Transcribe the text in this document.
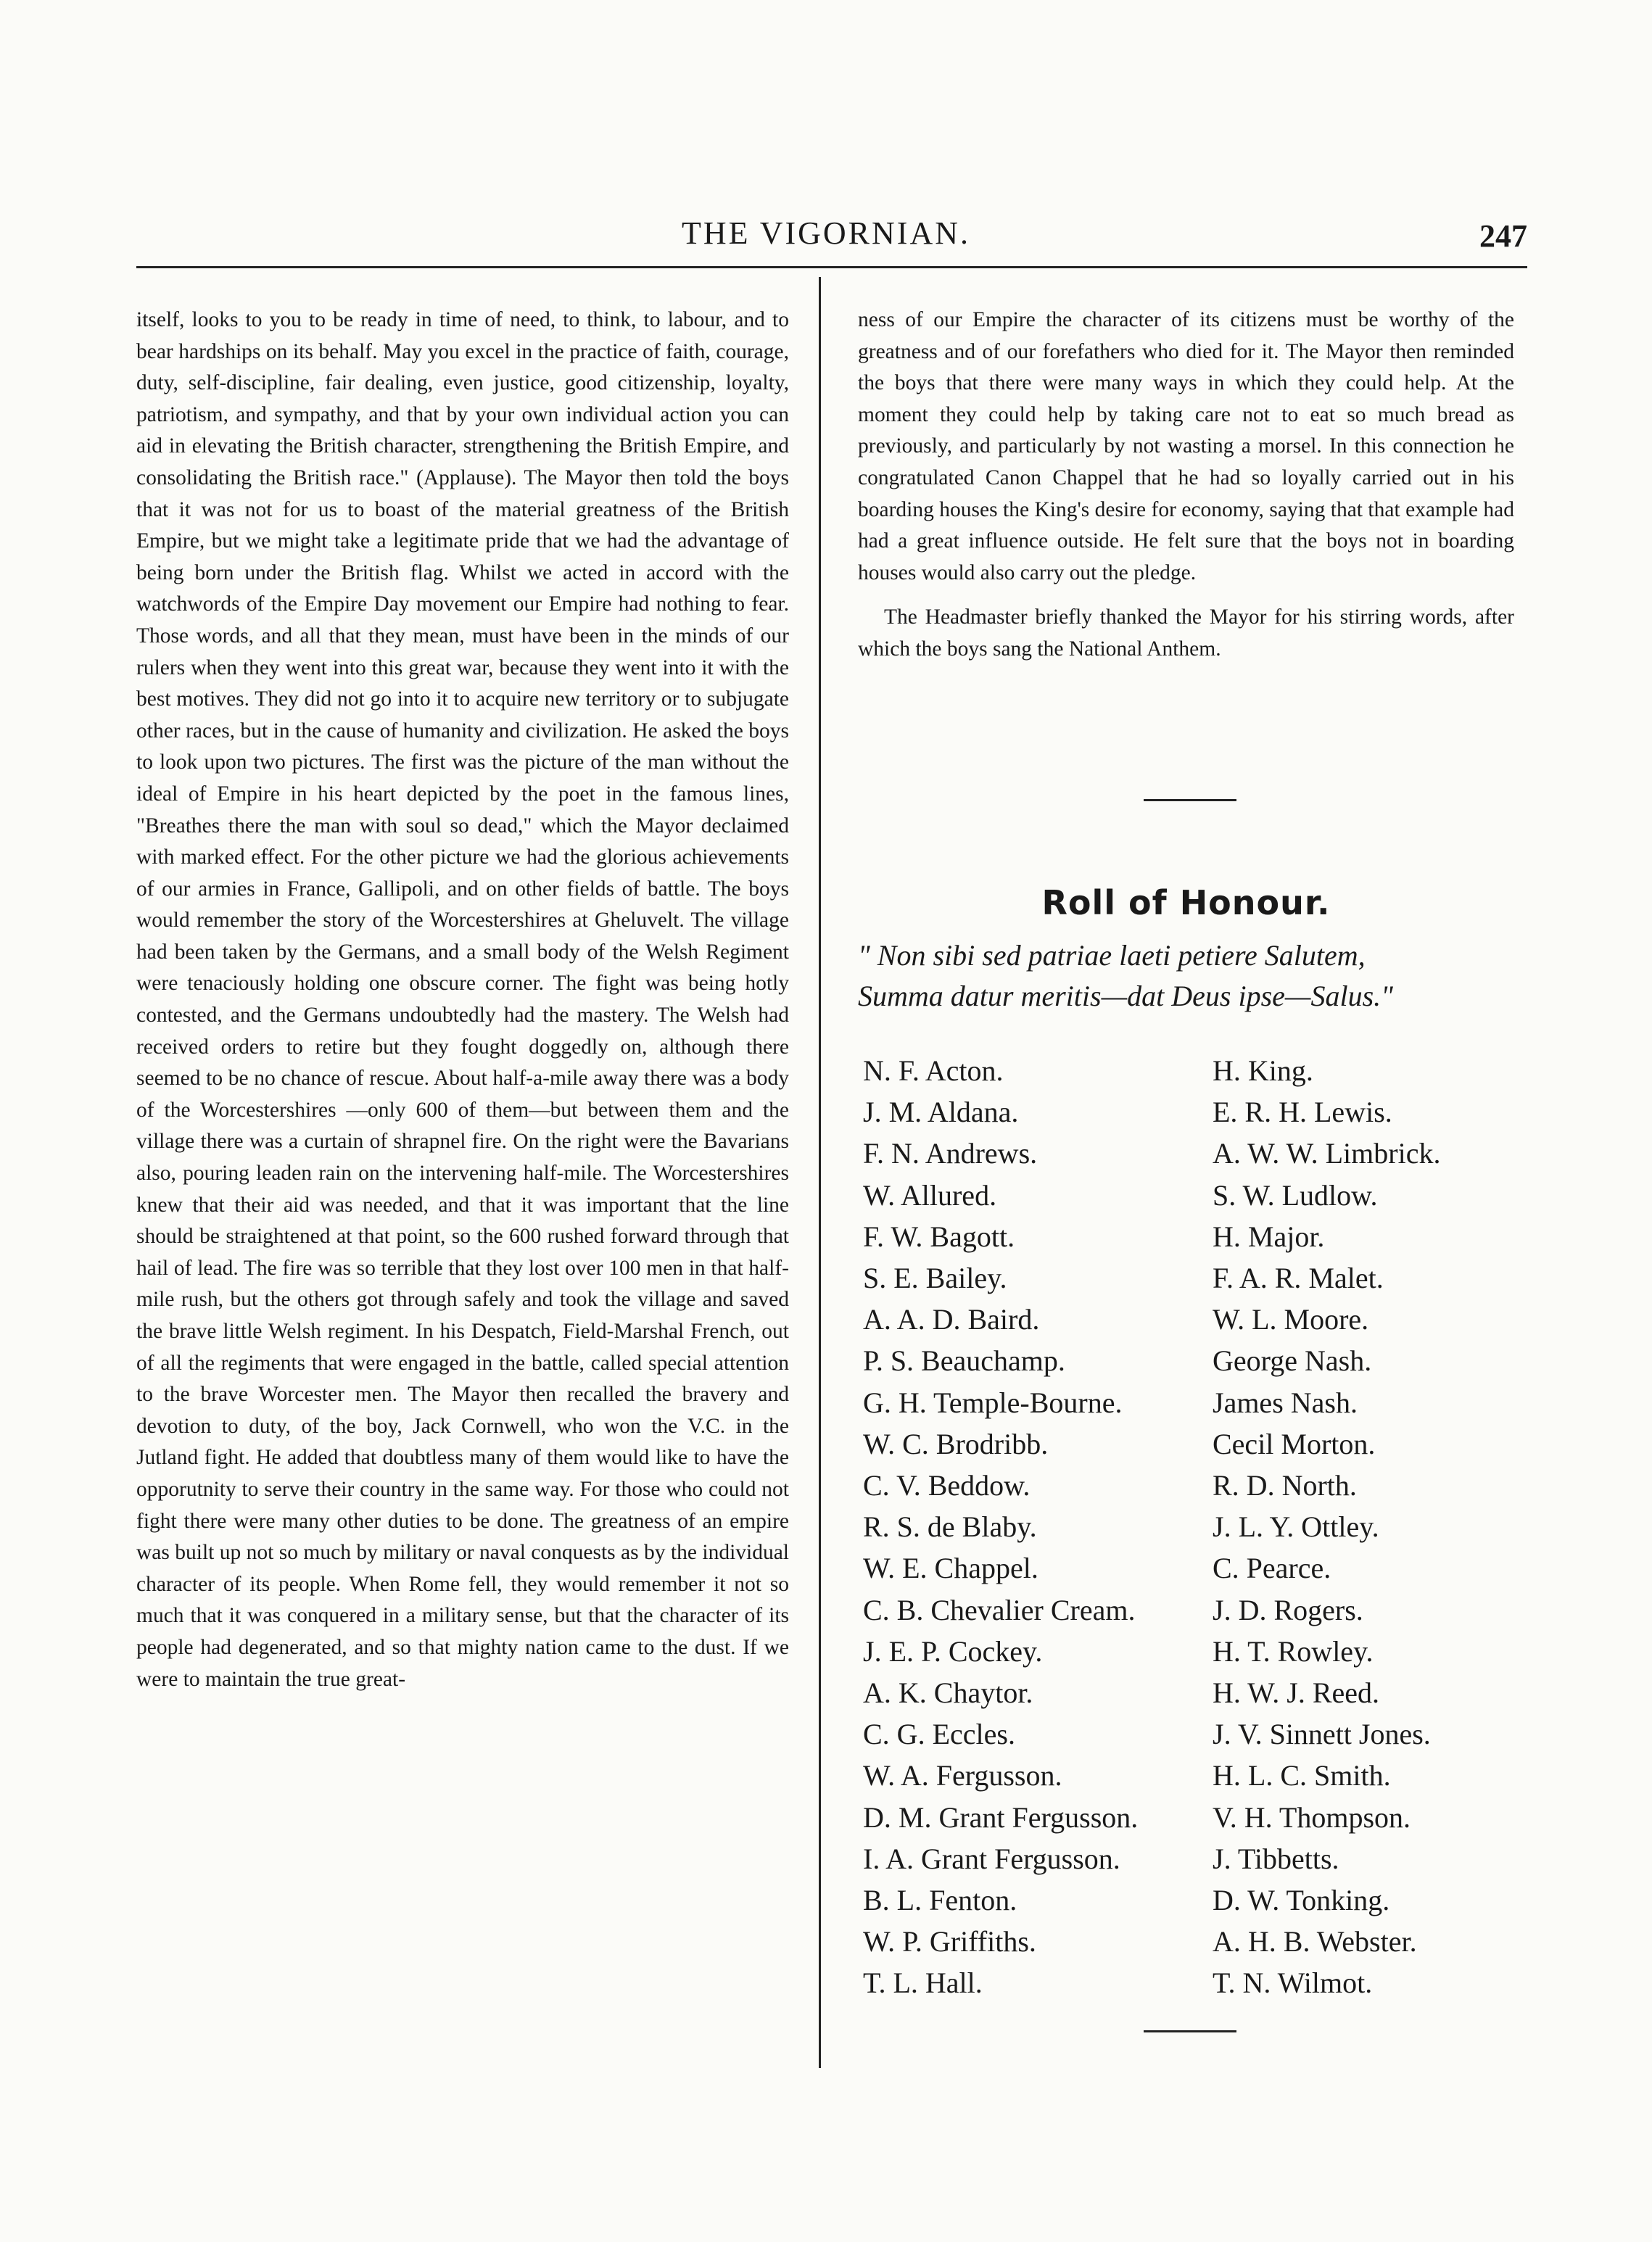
THE VIGORNIAN.	247

itself, looks to you to be ready in time of need, to think, to labour, and to bear hardships on its behalf. May you excel in the practice of faith, courage, duty, self-discipline, fair dealing, even justice, good citizenship, loyalty, patriotism, and sympathy, and that by your own individual action you can aid in elevating the British character, strengthening the British Empire, and consolidating the British race." (Applause). The Mayor then told the boys that it was not for us to boast of the material greatness of the British Empire, but we might take a legitimate pride that we had the advantage of being born under the British flag. Whilst we acted in accord with the watchwords of the Empire Day movement our Empire had nothing to fear. Those words, and all that they mean, must have been in the minds of our rulers when they went into this great war, because they went into it with the best motives. They did not go into it to acquire new territory or to subjugate other races, but in the cause of humanity and civilization. He asked the boys to look upon two pictures. The first was the picture of the man without the ideal of Empire in his heart depicted by the poet in the famous lines, "Breathes there the man with soul so dead," which the Mayor declaimed with marked effect. For the other picture we had the glorious achievements of our armies in France, Gallipoli, and on other fields of battle. The boys would remember the story of the Worcestershires at Gheluvelt. The village had been taken by the Germans, and a small body of the Welsh Regiment were tenaciously holding one obscure corner. The fight was being hotly contested, and the Germans undoubtedly had the mastery. The Welsh had received orders to retire but they fought doggedly on, although there seemed to be no chance of rescue. About half-a-mile away there was a body of the Worcestershires —only 600 of them—but between them and the village there was a curtain of shrapnel fire. On the right were the Bavarians also, pouring leaden rain on the intervening half-mile. The Worcestershires knew that their aid was needed, and that it was important that the line should be straightened at that point, so the 600 rushed forward through that hail of lead. The fire was so terrible that they lost over 100 men in that half-mile rush, but the others got through safely and took the village and saved the brave little Welsh regiment. In his Despatch, Field-Marshal French, out of all the regiments that were engaged in the battle, called special attention to the brave Worcester men. The Mayor then recalled the bravery and devotion to duty, of the boy, Jack Cornwell, who won the V.C. in the Jutland fight. He added that doubtless many of them would like to have the opporutnity to serve their country in the same way. For those who could not fight there were many other duties to be done. The greatness of an empire was built up not so much by military or naval conquests as by the individual character of its people. When Rome fell, they would remember it not so much that it was conquered in a military sense, but that the character of its people had degenerated, and so that mighty nation came to the dust. If we were to maintain the true great-

ness of our Empire the character of its citizens must be worthy of the greatness and of our forefathers who died for it. The Mayor then reminded the boys that there were many ways in which they could help. At the moment they could help by taking care not to eat so much bread as previously, and particularly by not wasting a morsel. In this connection he congratulated Canon Chappel that he had so loyally carried out in his boarding houses the King's desire for economy, saying that that example had had a great influence outside. He felt sure that the boys not in boarding houses would also carry out the pledge.

The Headmaster briefly thanked the Mayor for his stirring words, after which the boys sang the National Anthem.

Roll of Honour.
" Non sibi sed patriae laeti petiere Salutem,
Summa datur meritis—dat Deus ipse—Salus."
N. F. Acton.
J. M. Aldana.
F. N. Andrews.
W. Allured.
F. W. Bagott.
S. E. Bailey.
A. A. D. Baird.
P. S. Beauchamp.
G. H. Temple-Bourne.
W. C. Brodribb.
C. V. Beddow.
R. S. de Blaby.
W. E. Chappel.
C. B. Chevalier Cream.
J. E. P. Cockey.
A. K. Chaytor.
C. G. Eccles.
W. A. Fergusson.
D. M. Grant Fergusson.
I. A. Grant Fergusson.
B. L. Fenton.
W. P. Griffiths.
T. L. Hall.
H. King.
E. R. H. Lewis.
A. W. W. Limbrick.
S. W. Ludlow.
H. Major.
F. A. R. Malet.
W. L. Moore.
George Nash.
James Nash.
Cecil Morton.
R. D. North.
J. L. Y. Ottley.
C. Pearce.
J. D. Rogers.
H. T. Rowley.
H. W. J. Reed.
J. V. Sinnett Jones.
H. L. C. Smith.
V. H. Thompson.
J. Tibbetts.
D. W. Tonking.
A. H. B. Webster.
T. N. Wilmot.
